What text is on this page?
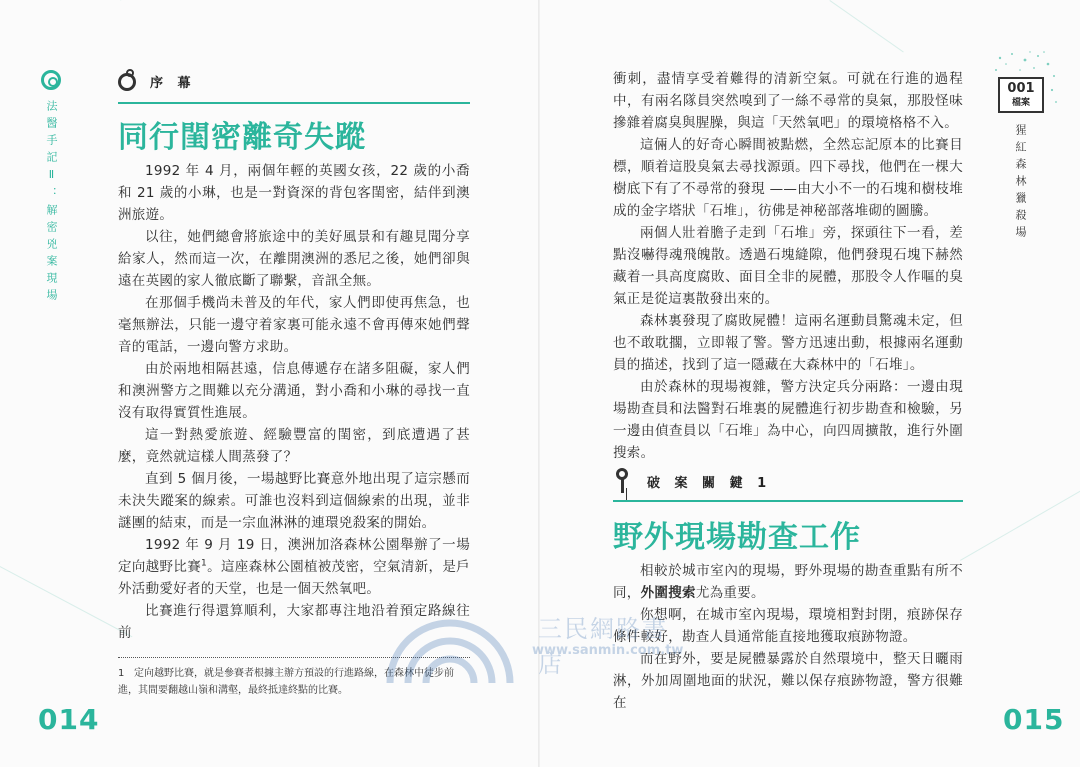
法醫手記Ⅱ：解密兇案現場
序 幕
同行閨密離奇失蹤

1992 年 4 月，兩個年輕的英國女孩，22 歲的小喬和 21 歲的小琳，也是一對資深的背包客閨密，結伴到澳洲旅遊。

以往，她們總會將旅途中的美好風景和有趣見聞分享給家人，然而這一次，在離開澳洲的悉尼之後，她們卻與遠在英國的家人徹底斷了聯繫，音訊全無。

在那個手機尚未普及的年代，家人們即使再焦急，也毫無辦法，只能一邊守着家裏可能永遠不會再傳來她們聲音的電話，一邊向警方求助。

由於兩地相隔甚遠，信息傳遞存在諸多阻礙，家人們和澳洲警方之間難以充分溝通，對小喬和小琳的尋找一直沒有取得實質性進展。

這一對熱愛旅遊、經驗豐富的閨密，到底遭遇了甚麼，竟然就這樣人間蒸發了？

直到 5 個月後，一場越野比賽意外地出現了這宗懸而未決失蹤案的線索。可誰也沒料到這個線索的出現，並非謎團的結束，而是一宗血淋淋的連環兇殺案的開始。

1992 年 9 月 19 日，澳洲加洛森林公園舉辦了一場定向越野比賽$^1$。這座森林公園植被茂密，空氣清新，是戶外活動愛好者的天堂，也是一個天然氧吧。

比賽進行得還算順利，大家都專注地沿着預定路線往前

1 定向越野比賽，就是參賽者根據主辦方預設的行進路線，在森林中徒步前進，其間要翻越山嶺和溝壑，最終抵達終點的比賽。
014
001
檔案
猩紅森林獵殺場

衝刺，盡情享受着難得的清新空氣。可就在行進的過程中，有兩名隊員突然嗅到了一絲不尋常的臭氣，那股怪味摻雜着腐臭與腥臊，與這「天然氧吧」的環境格格不入。

這倆人的好奇心瞬間被點燃，全然忘記原本的比賽目標，順着這股臭氣去尋找源頭。四下尋找，他們在一棵大樹底下有了不尋常的發現 ——由大小不一的石塊和樹枝堆成的金字塔狀「石堆」，彷佛是神秘部落堆砌的圖騰。

兩個人壯着膽子走到「石堆」旁，探頭往下一看，差點沒嚇得魂飛魄散。透過石塊縫隙，他們發現石塊下赫然藏着一具高度腐敗、面目全非的屍體，那股令人作嘔的臭氣正是從這裏散發出來的。

森林裏發現了腐敗屍體！這兩名運動員驚魂未定，但也不敢耽擱，立即報了警。警方迅速出動，根據兩名運動員的描述，找到了這一隱藏在大森林中的「石堆」。

由於森林的現場複雜，警方決定兵分兩路：一邊由現場勘查員和法醫對石堆裏的屍體進行初步勘查和檢驗，另一邊由偵查員以「石堆」為中心，向四周擴散，進行外圍搜索。

破 案 關 鍵 1
野外現場勘查工作

相較於城市室內的現場，野外現場的勘查重點有所不同，外圍搜索尤為重要。

你想啊，在城市室內現場，環境相對封閉，痕跡保存條件較好，勘查人員通常能直接地獲取痕跡物證。

而在野外，要是屍體暴露於自然環境中，整天日曬雨淋，外加周圍地面的狀況，難以保存痕跡物證，警方很難在	015
三民網路書店
www.sanmin.com.tw
